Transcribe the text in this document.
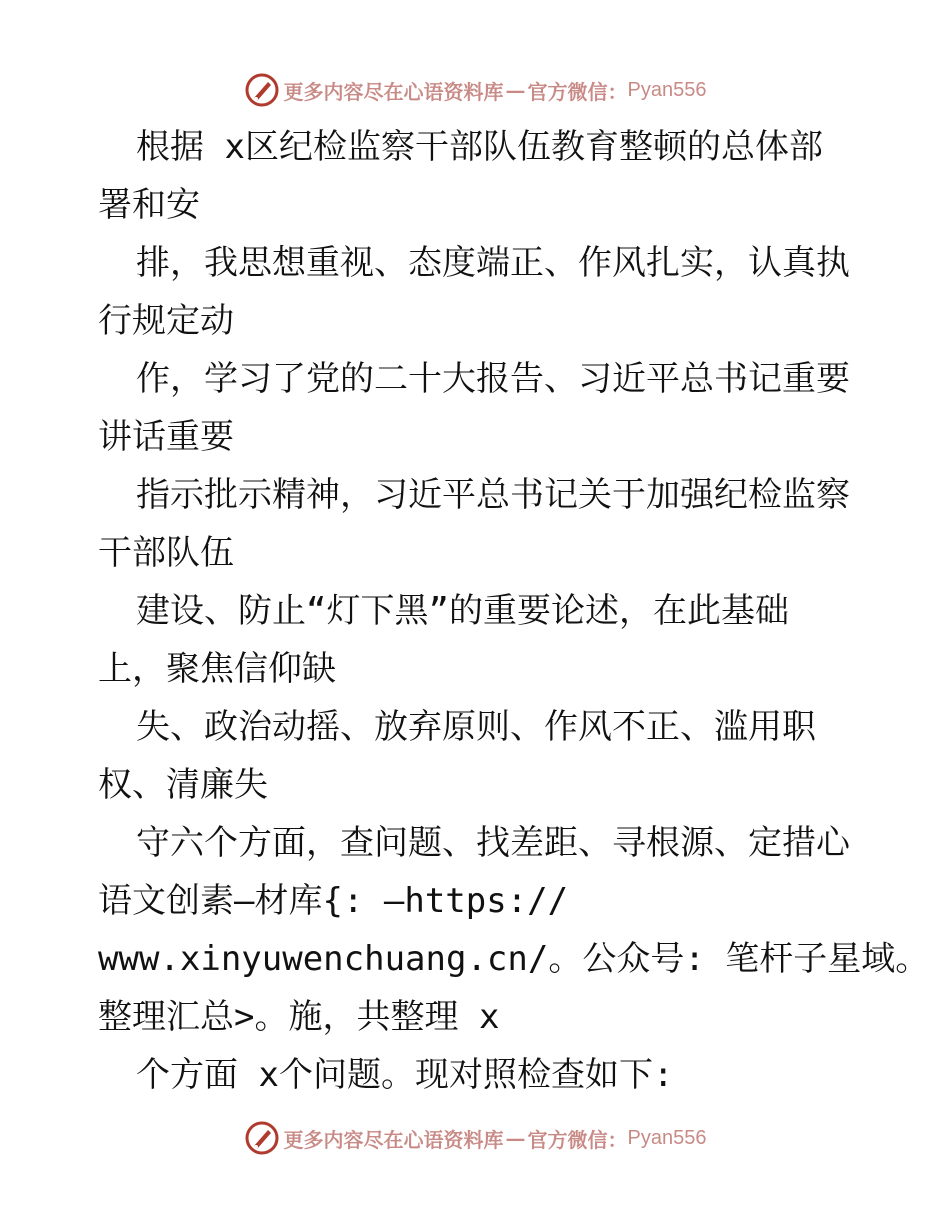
更多内容尽在心语资料库 — 官方微信： Pyan556
根据 x区纪检监察干部队伍教育整顿的总体部
署和安
排，我思想重视、态度端正、作风扎实，认真执
行规定动
作，学习了党的二十大报告、习近平总书记重要
讲话重要
指示批示精神，习近平总书记关于加强纪检监察
干部队伍
建设、防止“灯下黑”的重要论述，在此基础
上，聚焦信仰缺
失、政治动摇、放弃原则、作风不正、滥用职
权、清廉失
守六个方面，查问题、找差距、寻根源、定措心
语文创素—材库{: —https://
www.xinyuwenchuang.cn/。公众号: 笔杆子星域。
整理汇总>。施，共整理 x
个方面 x个问题。现对照检查如下:
更多内容尽在心语资料库 — 官方微信： Pyan556
